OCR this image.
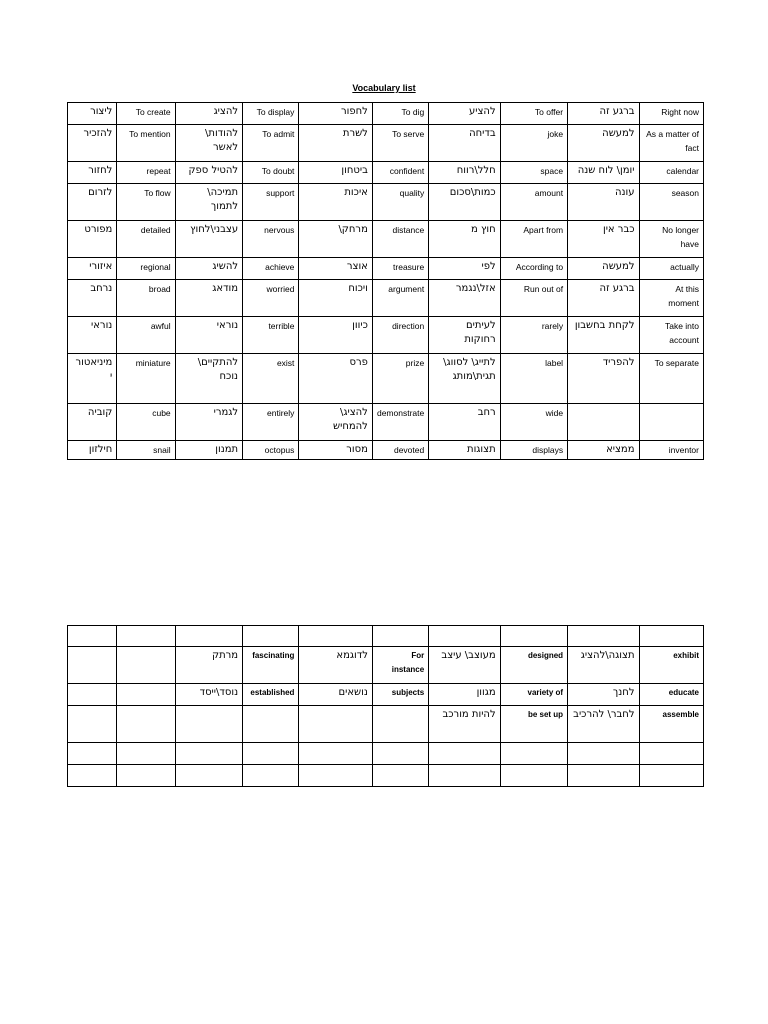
Vocabulary list
ליצור	To create	להציג	To display	לחפור	To dig	להציע	To offer	ברגע זה	Right now
להזכיר	To mention	להודות\ לאשר	To admit	לשרת	To serve	בדיחה	joke	למעשה	As a matter of fact
לחזור	repeat	להטיל ספק	To doubt	ביטחון	confident	חלל\רווח	space	יומן\ לוח שנה	calendar
לזרום	To flow	תמיכה\ לתמוך	support	איכות	quality	כמות\סכום	amount	עונה	season
מפורט	detailed	עצבני\לחוץ	nervous	מרחק\	distance	חוץ מ	Apart from	כבר אין	No longer have
איזורי	regional	להשיג	achieve	אוצר	treasure	לפי	According to	למעשה	actually
נרחב	broad	מודאג	worried	ויכוח	argument	אזל\נגמר	Run out of	ברגע זה	At this moment
נוראי	awful	נוראי	terrible	כיוון	direction	לעיתים רחוקות	rarely	לקחת בחשבון	Take into account
מיניאטור י	miniature	להתקיים\ נוכח	exist	פרס	prize	לתייג\ לסווג\ תגית\מותג	label	להפריד	To separate
קוביה	cube	לגמרי	entirely	להציג\ להמחיש	demonstrate	רחב	wide		
חילזון	snail	תמנון	octopus	מסור	devoted	תצוגות	displays	ממציא	inventor

		מרתק	fascinating	לדוגמא	For instance	מעוצב\ עיצב	designed	תצוגה\להציג	exhibit
		נוסד\ייסד	established	נושאים	subjects	מגוון	variety of	לחנך	educate
						להיות מורכב	be set up	לחבר\ להרכיב	assemble
